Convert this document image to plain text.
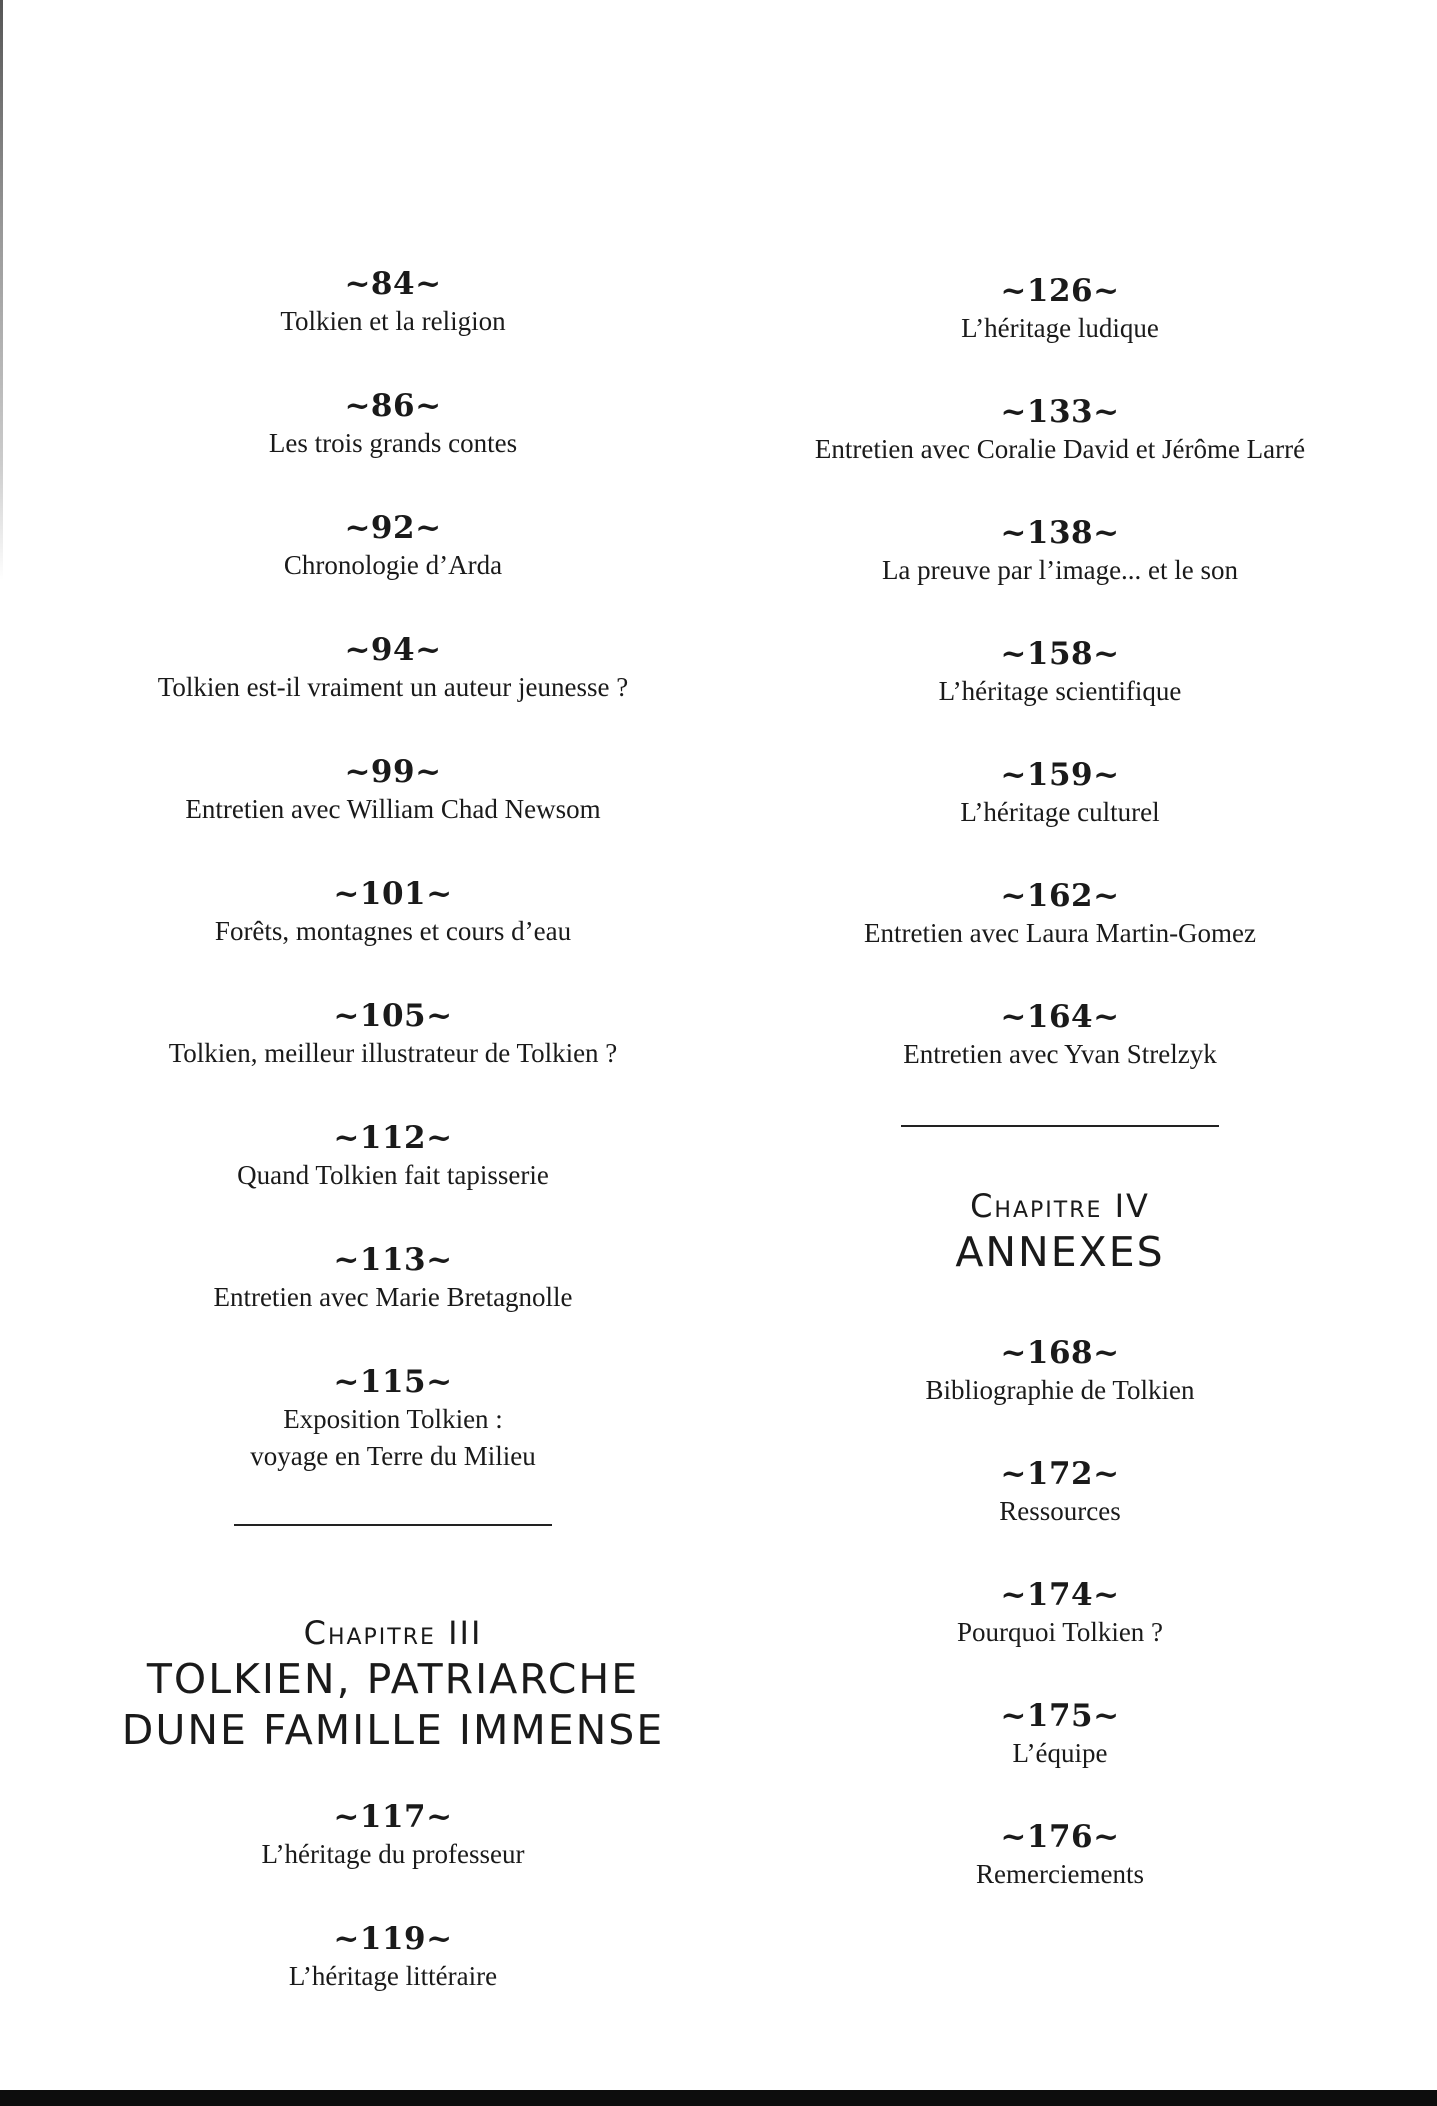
~84~
Tolkien et la religion
~86~
Les trois grands contes
~92~
Chronologie d’Arda
~94~
Tolkien est-il vraiment un auteur jeunesse ?
~99~
Entretien avec William Chad Newsom
~101~
Forêts, montagnes et cours d’eau
~105~
Tolkien, meilleur illustrateur de Tolkien ?
~112~
Quand Tolkien fait tapisserie
~113~
Entretien avec Marie Bretagnolle
~115~
Exposition Tolkien :
voyage en Terre du Milieu
Chapitre III
TOLKIEN, PATRIARCHE
DUNE FAMILLE IMMENSE
~117~
L’héritage du professeur
~119~
L’héritage littéraire
~126~
L’héritage ludique
~133~
Entretien avec Coralie David et Jérôme Larré
~138~
La preuve par l’image... et le son
~158~
L’héritage scientifique
~159~
L’héritage culturel
~162~
Entretien avec Laura Martin-Gomez
~164~
Entretien avec Yvan Strelzyk
Chapitre IV
ANNEXES
~168~
Bibliographie de Tolkien
~172~
Ressources
~174~
Pourquoi Tolkien ?
~175~
L’équipe
~176~
Remerciements
